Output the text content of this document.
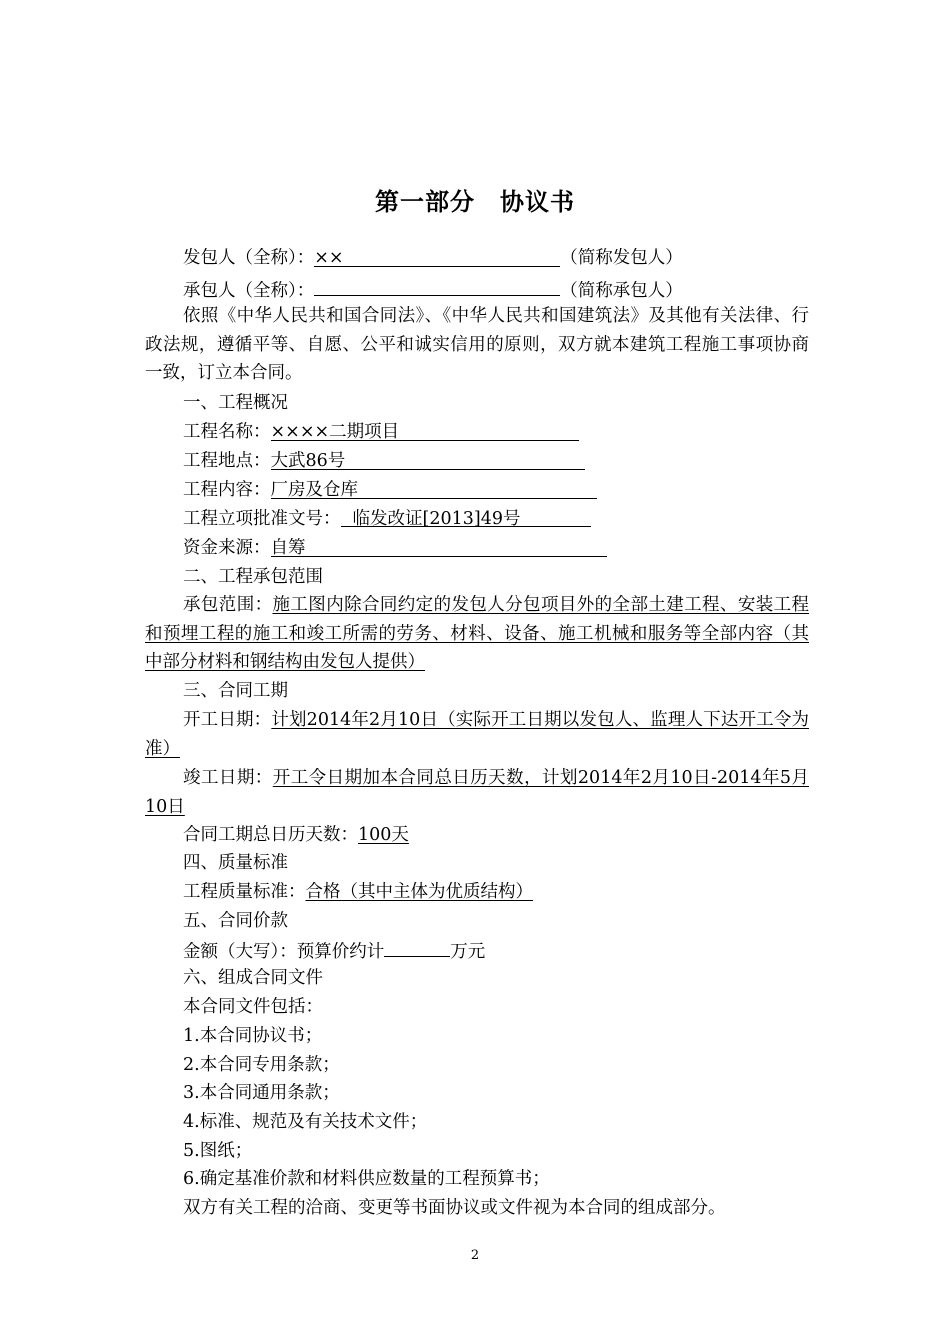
第一部分　协议书
发包人（全称）：××	（简称发包人）
承包人（全称）：	（简称承包人）
依照《中华人民共和国合同法》、《中华人民共和国建筑法》及其他有关法律、行政法规，遵循平等、自愿、公平和诚实信用的原则，双方就本建筑工程施工事项协商一致，订立本合同。
一、工程概况
工程名称：××××二期项目
工程地点：大武86号
工程内容：厂房及仓库
工程立项批准文号： 临发改证[2013]49号
资金来源：自筹
二、工程承包范围
承包范围：施工图内除合同约定的发包人分包项目外的全部土建工程、安装工程和预埋工程的施工和竣工所需的劳务、材料、设备、施工机械和服务等全部内容（其中部分材料和钢结构由发包人提供）
三、合同工期
开工日期：计划2014年2月10日（实际开工日期以发包人、监理人下达开工令为准）
竣工日期：开工令日期加本合同总日历天数，计划2014年2月10日-2014年5月10日
合同工期总日历天数：100天
四、质量标准
工程质量标准：合格（其中主体为优质结构）
五、合同价款
金额（大写）：预算价约计	万元
六、组成合同文件
本合同文件包括：
1.本合同协议书；
2.本合同专用条款；
3.本合同通用条款；
4.标准、规范及有关技术文件；
5.图纸；
6.确定基准价款和材料供应数量的工程预算书；
双方有关工程的洽商、变更等书面协议或文件视为本合同的组成部分。
2
